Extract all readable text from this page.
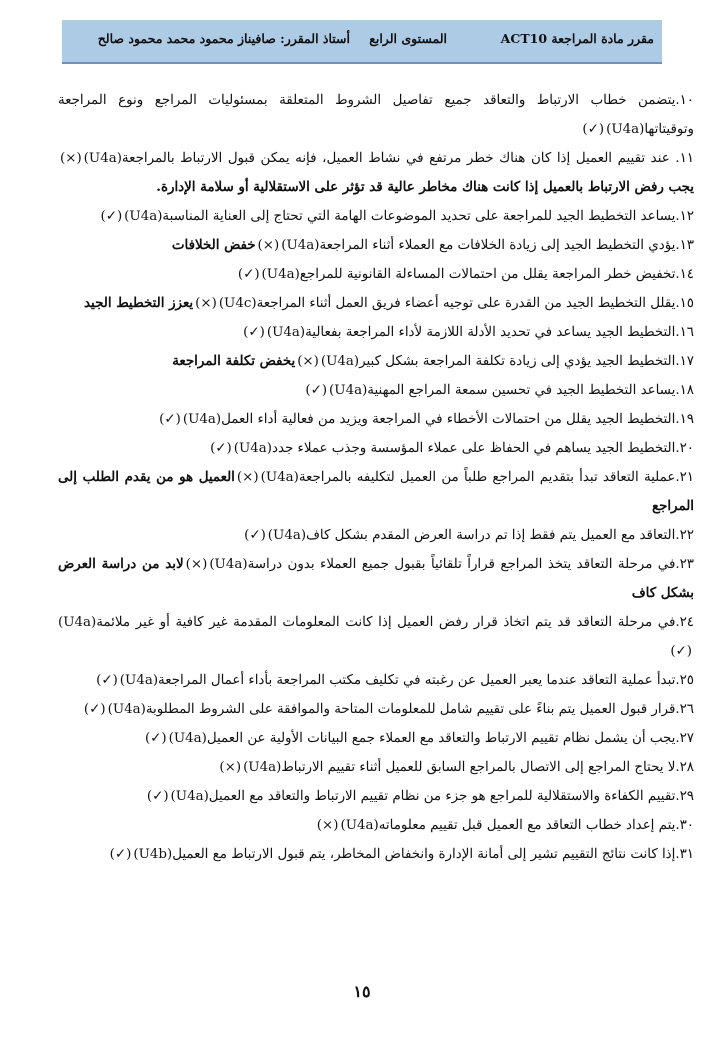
مقرر مادة المراجعة ACT10
المستوى الرابع
أستاذ المقرر: صافيناز محمود محمد محمود صالح

١٠.يتضمن خطاب الارتباط والتعاقد جميع تفاصيل الشروط المتعلقة بمسئوليات المراجع ونوع المراجعة وتوقيتاتها(U4a)(✓)

١١. عند تقييم العميل إذا كان هناك خطر مرتفع في نشاط العميل، فإنه يمكن قبول الارتباط بالمراجعة(U4a)(×)يجب رفض الارتباط بالعميل إذا كانت هناك مخاطر عالية قد تؤثر على الاستقلالية أو سلامة الإدارة.

١٢.يساعد التخطيط الجيد للمراجعة على تحديد الموضوعات الهامة التي تحتاج إلى العناية المناسبة(U4a)(✓)

١٣.يؤدي التخطيط الجيد إلى زيادة الخلافات مع العملاء أثناء المراجعة(U4a)(×)خفض الخلافات

١٤.تخفيض خطر المراجعة يقلل من احتمالات المساءلة القانونية للمراجع(U4a)(✓)

١٥.يقلل التخطيط الجيد من القدرة على توجيه أعضاء فريق العمل أثناء المراجعة(U4c)(×)يعزز التخطيط الجيد

١٦.التخطيط الجيد يساعد في تحديد الأدلة اللازمة لأداء المراجعة بفعالية(U4a)(✓)

١٧.التخطيط الجيد يؤدي إلى زيادة تكلفة المراجعة بشكل كبير(U4a)(×)يخفض تكلفة المراجعة

١٨.يساعد التخطيط الجيد في تحسين سمعة المراجع المهنية(U4a)(✓)

١٩.التخطيط الجيد يقلل من احتمالات الأخطاء في المراجعة ويزيد من فعالية أداء العمل(U4a)(✓)

٢٠.التخطيط الجيد يساهم في الحفاظ على عملاء المؤسسة وجذب عملاء جدد(U4a)(✓)

٢١.عملية التعاقد تبدأ بتقديم المراجع طلباً من العميل لتكليفه بالمراجعة(U4a)(×)العميل هو من يقدم الطلب إلى المراجع

٢٢.التعاقد مع العميل يتم فقط إذا تم دراسة العرض المقدم بشكل كاف(U4a)(✓)

٢٣.في مرحلة التعاقد يتخذ المراجع قراراً تلقائياً بقبول جميع العملاء بدون دراسة(U4a)(×)لابد من دراسة العرض بشكل كاف

٢٤.في مرحلة التعاقد قد يتم اتخاذ قرار رفض العميل إذا كانت المعلومات المقدمة غير كافية أو غير ملائمة(U4a)(✓)

٢٥.تبدأ عملية التعاقد عندما يعبر العميل عن رغبته في تكليف مكتب المراجعة بأداء أعمال المراجعة(U4a)(✓)

٢٦.قرار قبول العميل يتم بناءً على تقييم شامل للمعلومات المتاحة والموافقة على الشروط المطلوبة(U4a)(✓)

٢٧.يجب أن يشمل نظام تقييم الارتباط والتعاقد مع العملاء جمع البيانات الأولية عن العميل(U4a)(✓)

٢٨.لا يحتاج المراجع إلى الاتصال بالمراجع السابق للعميل أثناء تقييم الارتباط(U4a)(×)

٢٩.تقييم الكفاءة والاستقلالية للمراجع هو جزء من نظام تقييم الارتباط والتعاقد مع العميل(U4a)(✓)

٣٠.يتم إعداد خطاب التعاقد مع العميل قبل تقييم معلوماته(U4a)(×)

٣١.إذا كانت نتائج التقييم تشير إلى أمانة الإدارة وانخفاض المخاطر، يتم قبول الارتباط مع العميل(U4b)(✓)

١٥
